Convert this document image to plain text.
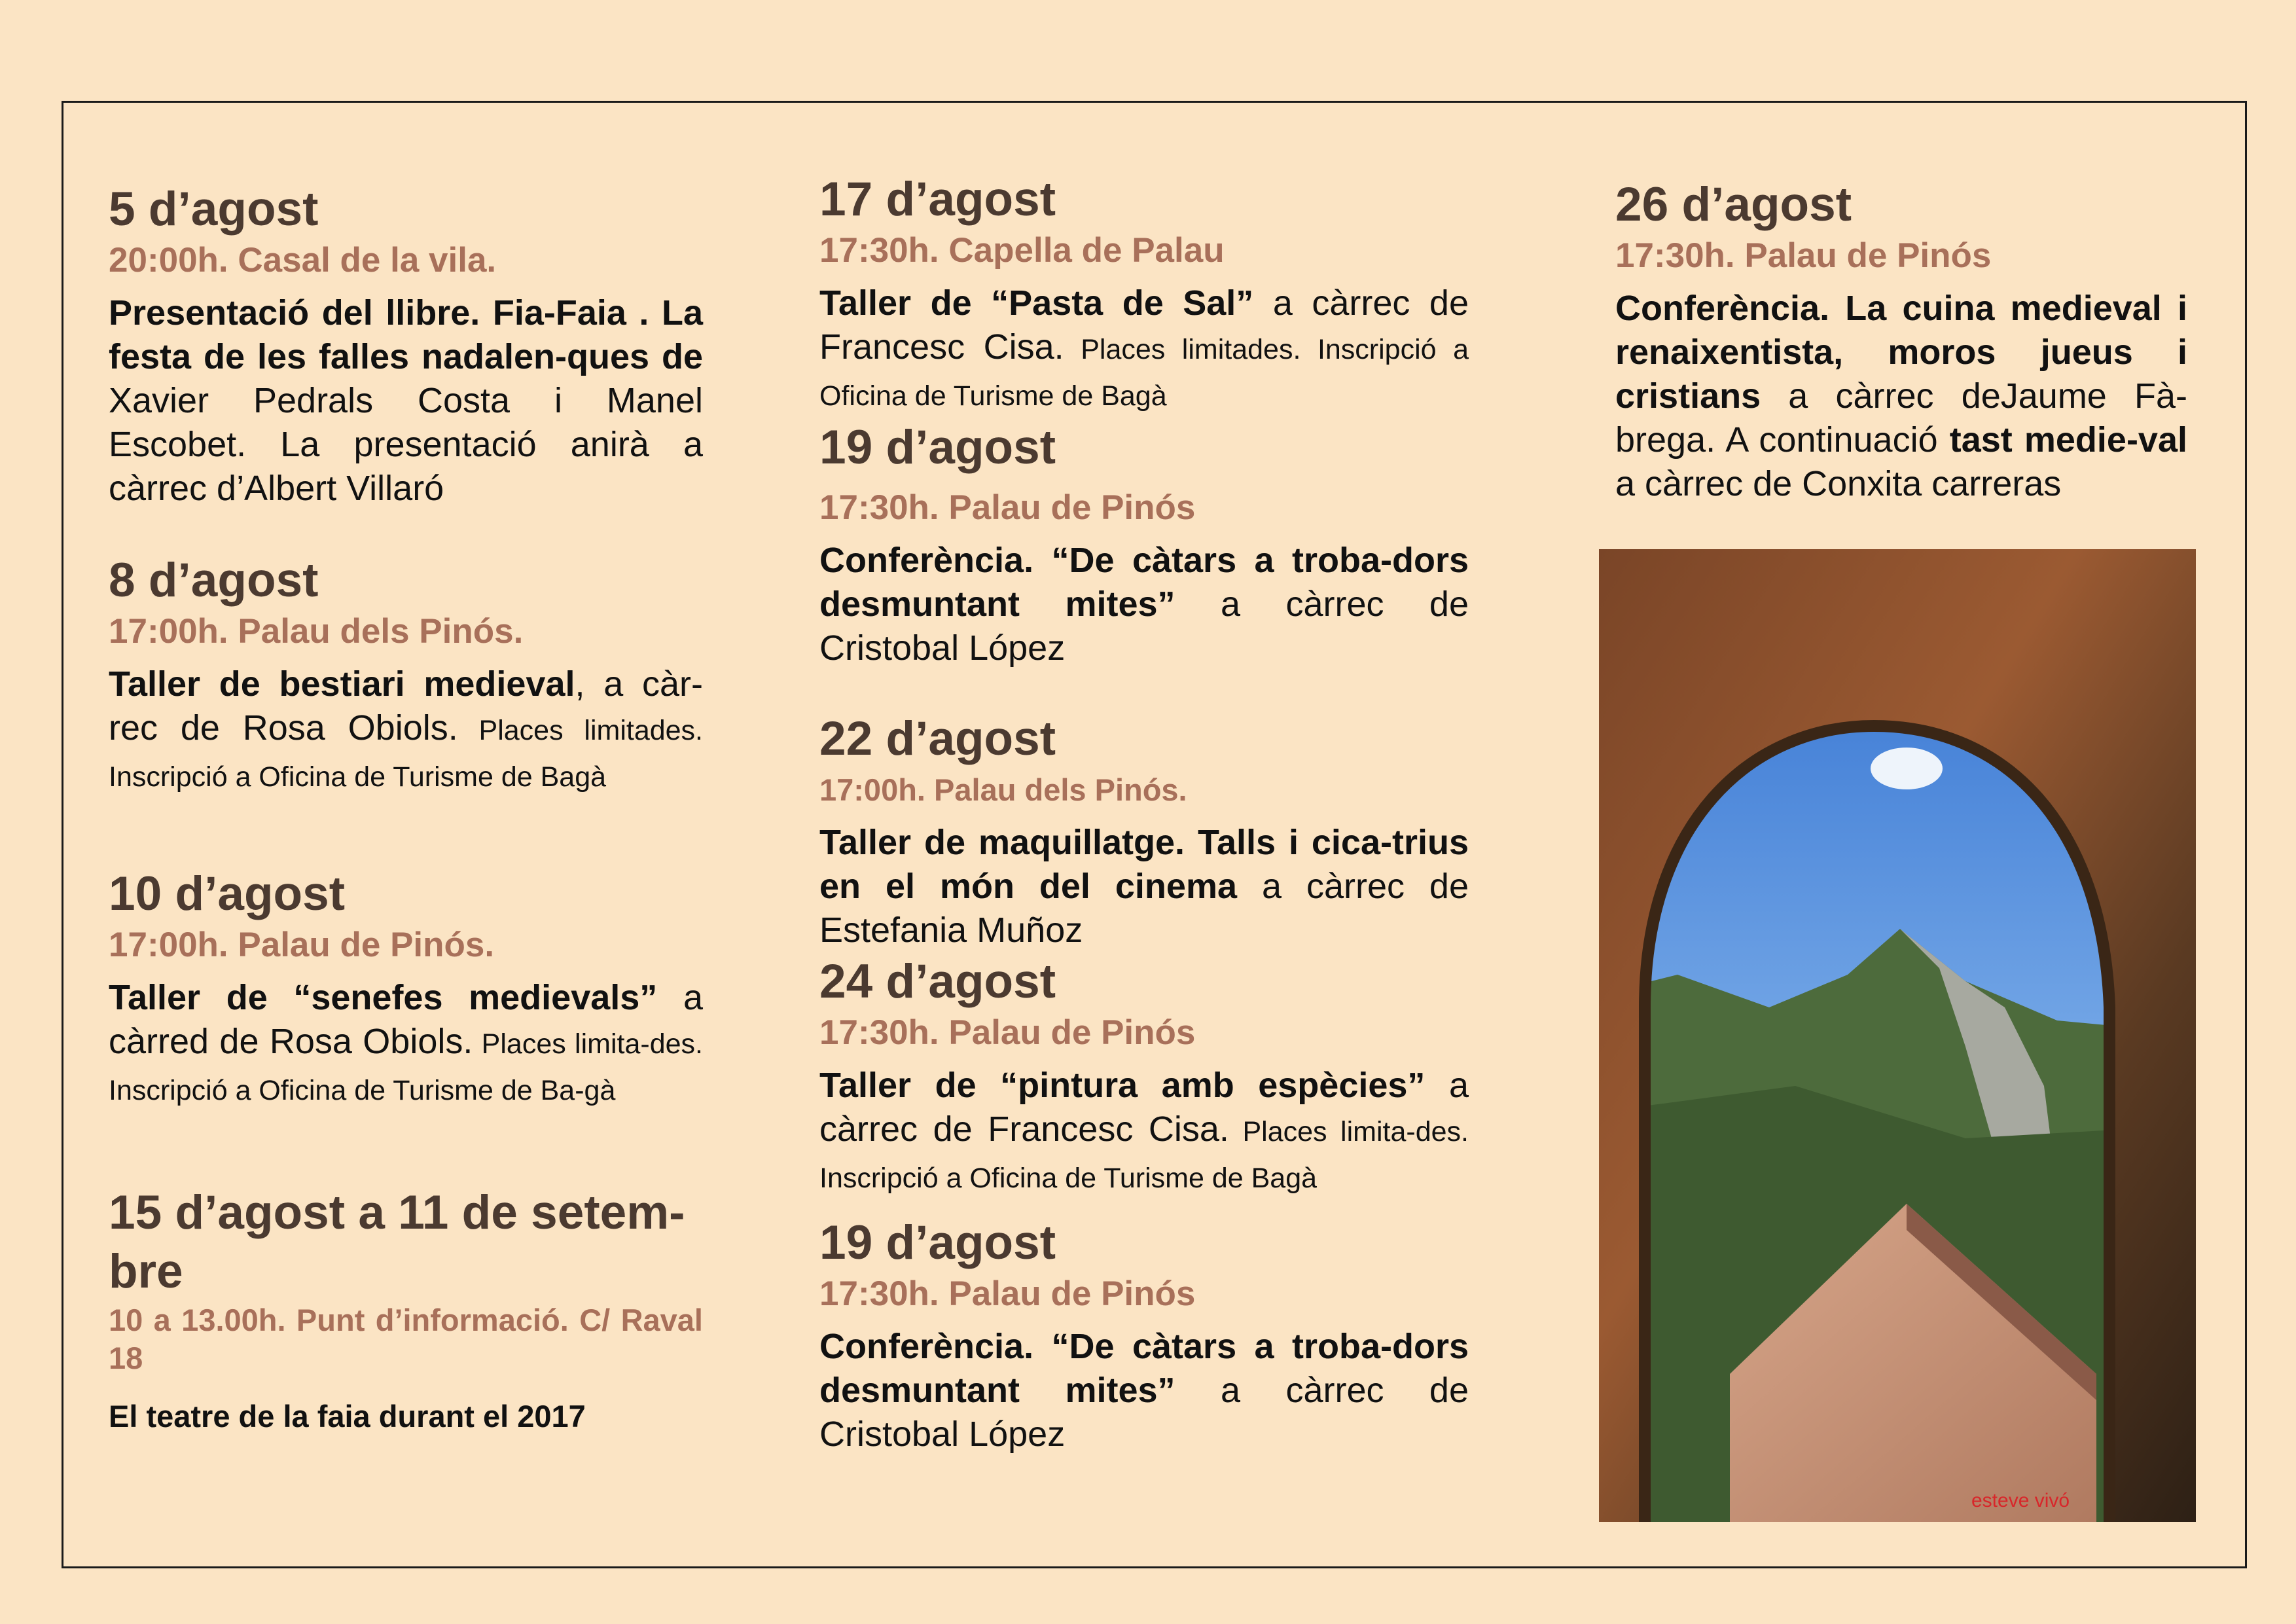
5 d’agost

20:00h. Casal de la vila.

Presentació del llibre. Fia-Faia . La festa de les falles nadalen-ques de Xavier Pedrals Costa i Manel Escobet. La presentació anirà a càrrec d’Albert Villaró

8 d’agost

17:00h. Palau dels Pinós.

Taller de bestiari medieval, a càr-rec de Rosa Obiols. Places limitades. Inscripció a Oficina de Turisme de Bagà

10 d’agost

17:00h. Palau de Pinós.

Taller de “senefes medievals” a càrred de Rosa Obiols. Places limita-des. Inscripció a Oficina de Turisme de Ba-gà

15 d’agost a 11 de setem-bre

10 a 13.00h. Punt d’informació. C/ Raval 18

El teatre de la faia durant el 2017

17 d’agost

17:30h. Capella de Palau

Taller de “Pasta de Sal” a càrrec de Francesc Cisa. Places limitades. Inscripció a Oficina de Turisme de Bagà

19 d’agost

17:30h. Palau de Pinós

Conferència. “De càtars a troba-dors desmuntant mites” a càrrec de Cristobal López

22 d’agost

17:00h. Palau dels Pinós.

Taller de maquillatge. Talls i cica-trius en el món del cinema a càrrec de Estefania Muñoz

24 d’agost

17:30h. Palau de Pinós

Taller de “pintura amb espècies” a càrrec de Francesc Cisa. Places limita-des. Inscripció a Oficina de Turisme de Bagà

19 d’agost

17:30h. Palau de Pinós

Conferència. “De càtars a troba-dors desmuntant mites” a càrrec de Cristobal López

26 d’agost

17:30h. Palau de Pinós

Conferència. La cuina medieval i renaixentista, moros jueus i cristians a càrrec deJaume Fà-brega. A continuació tast medie-val a càrrec de Conxita carreras

esteve vivó
